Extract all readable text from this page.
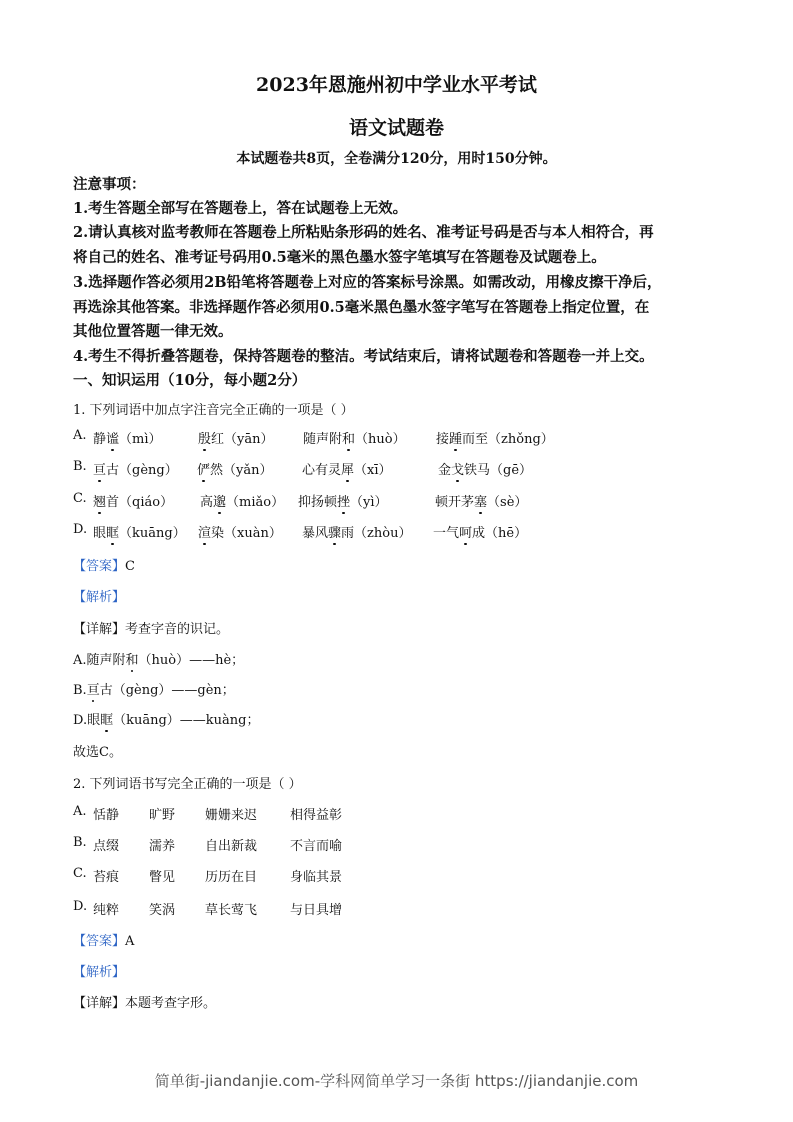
2023年恩施州初中学业水平考试
语文试题卷
本试题卷共8页，全卷满分120分，用时150分钟。
注意事项：
1.考生答题全部写在答题卷上，答在试题卷上无效。
2.请认真核对监考教师在答题卷上所粘贴条形码的姓名、准考证号码是否与本人相符合，再
将自己的姓名、准考证号码用0.5毫米的黑色墨水签字笔填写在答题卷及试题卷上。
3.选择题作答必须用2B铅笔将答题卷上对应的答案标号涂黑。如需改动，用橡皮擦干净后，
再选涂其他答案。非选择题作答必须用0.5毫米黑色墨水签字笔写在答题卷上指定位置，在
其他位置答题一律无效。
4.考生不得折叠答题卷，保持答题卷的整洁。考试结束后，请将试题卷和答题卷一并上交。
一、知识运用（10分，每小题2分）
1. 下列词语中加点字注音完全正确的一项是（ ）
A. 静谧（mì）	殷红（yān） 随声附和（huò） 接踵而至（zhǒng）
B. 亘古（gèng） 俨然（yǎn） 心有灵犀（xī）	金戈铁马（gē）
C. 翘首（qiáo） 高邈（miǎo） 抑扬顿挫（yì）	顿开茅塞（sè）
D. 眼眶（kuāng） 渲染（xuàn） 暴风骤雨（zhòu） 一气呵成（hē）
【答案】C
【解析】
【详解】考查字音的识记。
A.随声附和（huò）——hè；
B.亘古（gèng）——gèn；
D.眼眶（kuāng）——kuàng；
故选C。
2. 下列词语书写完全正确的一项是（ ）
A. 恬静 旷野 姗姗来迟	相得益彰
B. 点缀 濡养 自出新裁	不言而喻
C. 苔痕 瞥见 历历在目	身临其景
D. 纯粹 笑涡 草长莺飞	与日具增
【答案】A
【解析】
【详解】本题考查字形。
简单街-jiandanjie.com-学科网简单学习一条街 https://jiandanjie.com
